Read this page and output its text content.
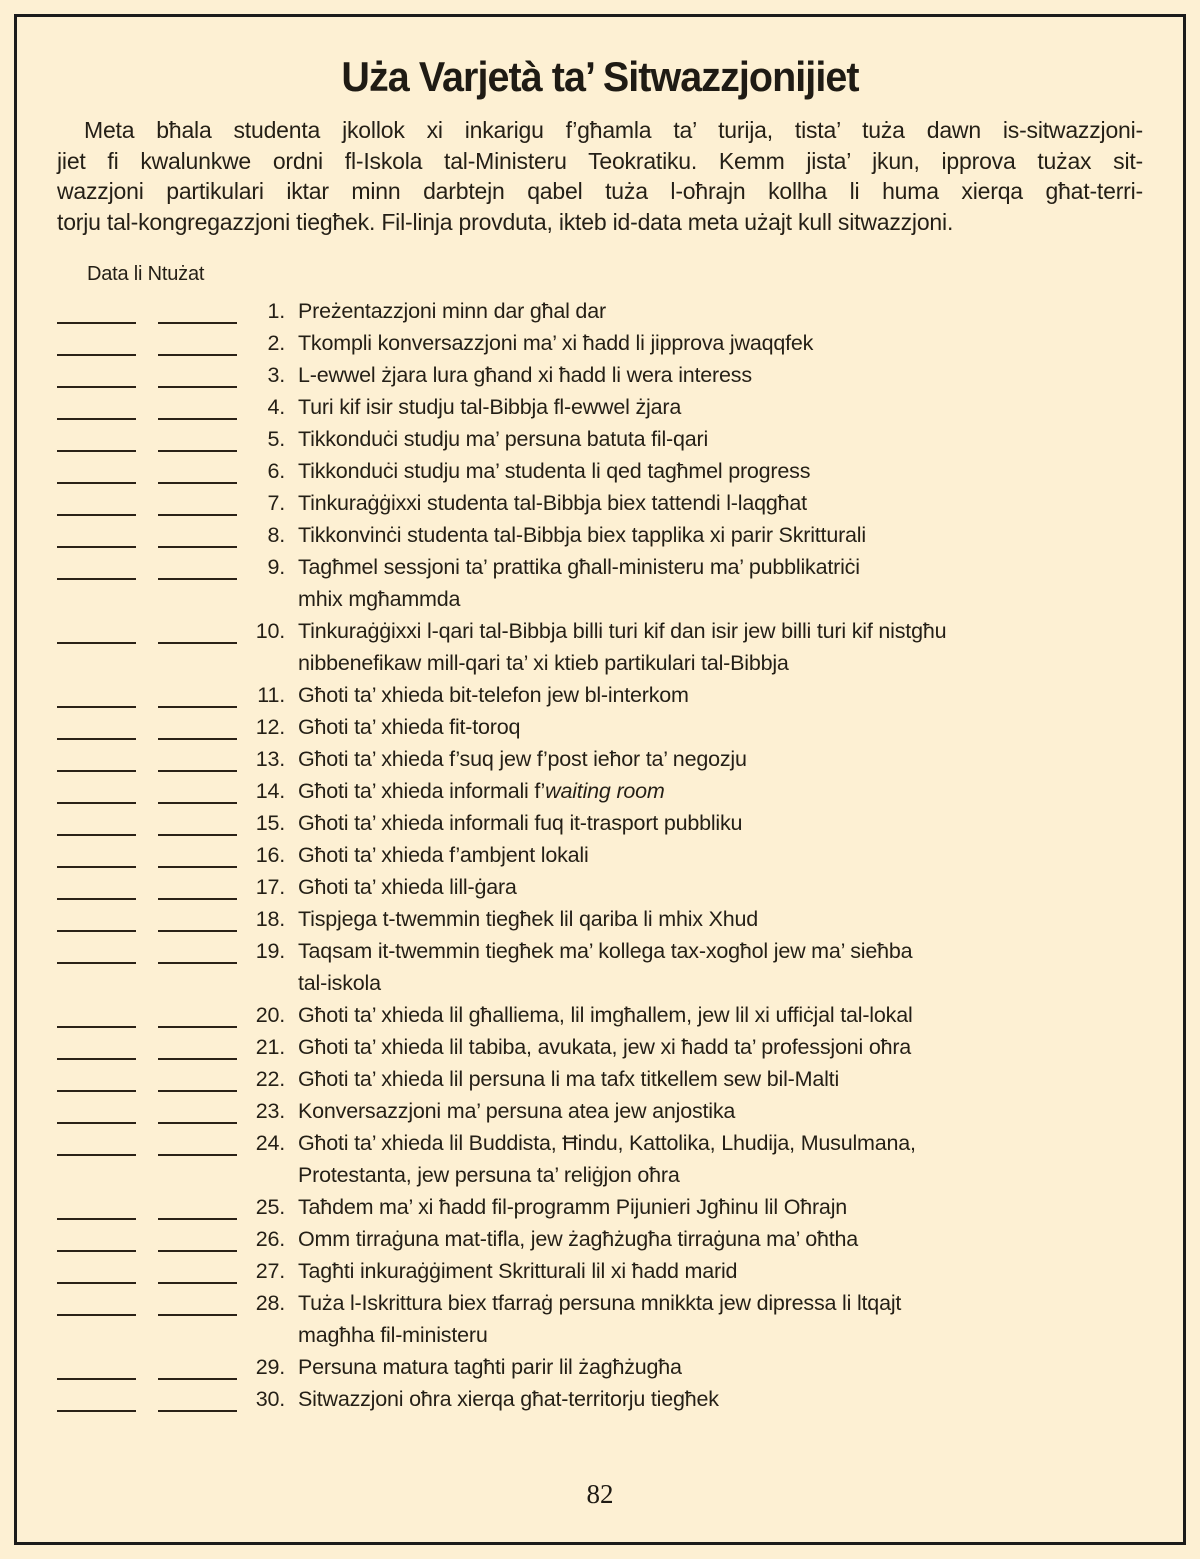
Uża Varjetà ta’ Sitwazzjonijiet
Meta bħala studenta jkollok xi inkarigu f’għamla ta’ turija, tista’ tuża dawn is-sitwazzjoni-
jiet fi kwalunkwe ordni fl-Iskola tal-Ministeru Teokratiku. Kemm jista’ jkun, ipprova tużax sit-
wazzjoni partikulari iktar minn darbtejn qabel tuża l-oħrajn kollha li huma xierqa għat-terri-
torju tal-kongregazzjoni tiegħek. Fil-linja provduta, ikteb id-data meta użajt kull sitwazzjoni.
Data li Ntużat
1. Preżentazzjoni minn dar għal dar
2. Tkompli konversazzjoni ma’ xi ħadd li jipprova jwaqqfek
3. L-ewwel żjara lura għand xi ħadd li wera interess
4. Turi kif isir studju tal-Bibbja fl-ewwel żjara
5. Tikkonduċi studju ma’ persuna batuta fil-qari
6. Tikkonduċi studju ma’ studenta li qed tagħmel progress
7. Tinkuraġġixxi studenta tal-Bibbja biex tattendi l-laqgħat
8. Tikkonvinċi studenta tal-Bibbja biex tapplika xi parir Skritturali
9. Tagħmel sessjoni ta’ prattika għall-ministeru ma’ pubblikatriċi
mhix mgħammda
10. Tinkuraġġixxi l-qari tal-Bibbja billi turi kif dan isir jew billi turi kif nistgħu
nibbenefikaw mill-qari ta’ xi ktieb partikulari tal-Bibbja
11. Għoti ta’ xhieda bit-telefon jew bl-interkom
12. Għoti ta’ xhieda fit-toroq
13. Għoti ta’ xhieda f’suq jew f’post ieħor ta’ negozju
14. Għoti ta’ xhieda informali f’waiting room
15. Għoti ta’ xhieda informali fuq it-trasport pubbliku
16. Għoti ta’ xhieda f’ambjent lokali
17. Għoti ta’ xhieda lill-ġara
18. Tispjega t-twemmin tiegħek lil qariba li mhix Xhud
19. Taqsam it-twemmin tiegħek ma’ kollega tax-xogħol jew ma’ sieħba
tal-iskola
20. Għoti ta’ xhieda lil għalliema, lil imgħallem, jew lil xi uffiċjal tal-lokal
21. Għoti ta’ xhieda lil tabiba, avukata, jew xi ħadd ta’ professjoni oħra
22. Għoti ta’ xhieda lil persuna li ma tafx titkellem sew bil-Malti
23. Konversazzjoni ma’ persuna atea jew anjostika
24. Għoti ta’ xhieda lil Buddista, Ħindu, Kattolika, Lhudija, Musulmana,
Protestanta, jew persuna ta’ reliġjon oħra
25. Taħdem ma’ xi ħadd fil-programm Pijunieri Jgħinu lil Oħrajn
26. Omm tirraġuna mat-tifla, jew żagħżugħa tirraġuna ma’ oħtha
27. Tagħti inkuraġġiment Skritturali lil xi ħadd marid
28. Tuża l-Iskrittura biex tfarraġ persuna mnikkta jew dipressa li ltqajt
magħha fil-ministeru
29. Persuna matura tagħti parir lil żagħżugħa
30. Sitwazzjoni oħra xierqa għat-territorju tiegħek
82
